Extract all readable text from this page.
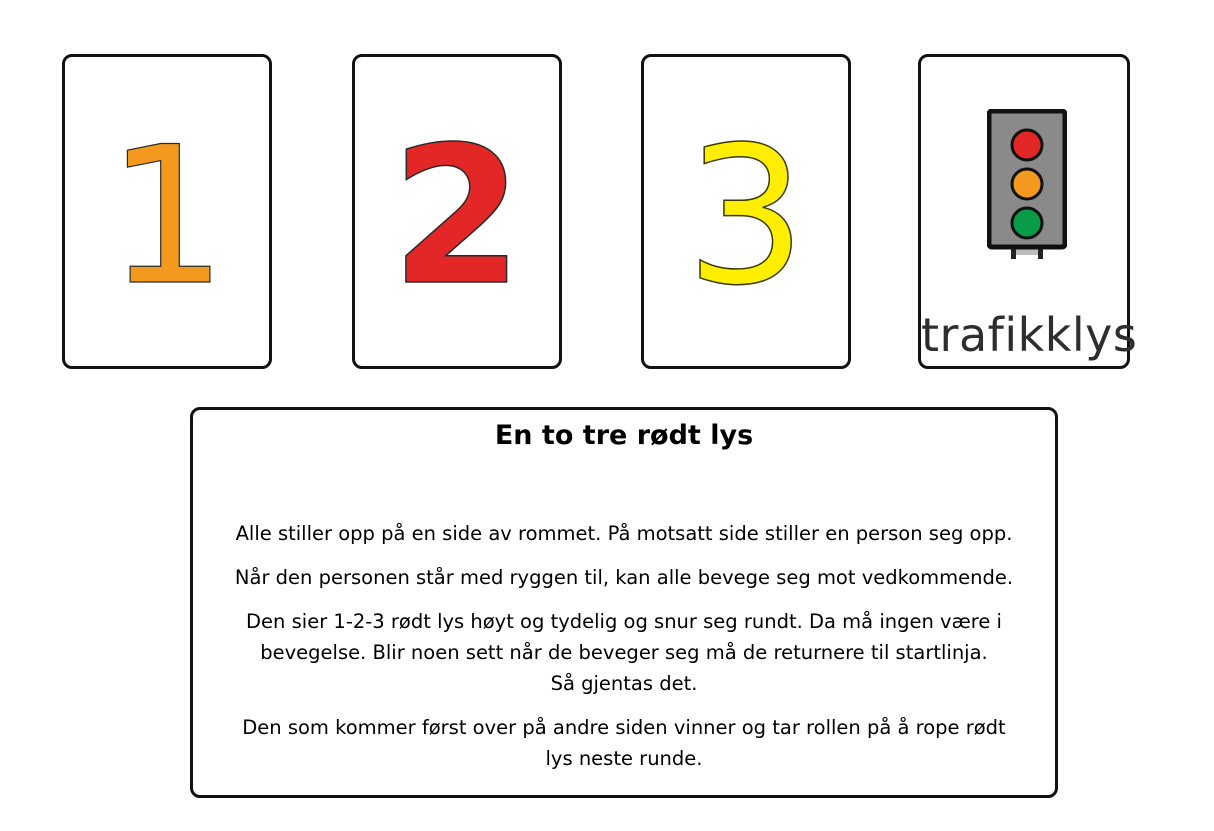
1 2 3
trafikklys
En to tre rødt lys

Alle stiller opp på en side av rommet. På motsatt side stiller en person seg opp.

Når den personen står med ryggen til, kan alle bevege seg mot vedkommende.

Den sier 1-2-3 rødt lys høyt og tydelig og snur seg rundt. Da må ingen være i
bevegelse. Blir noen sett når de beveger seg må de returnere til startlinja.
Så gjentas det.

Den som kommer først over på andre siden vinner og tar rollen på å rope rødt
lys neste runde.
